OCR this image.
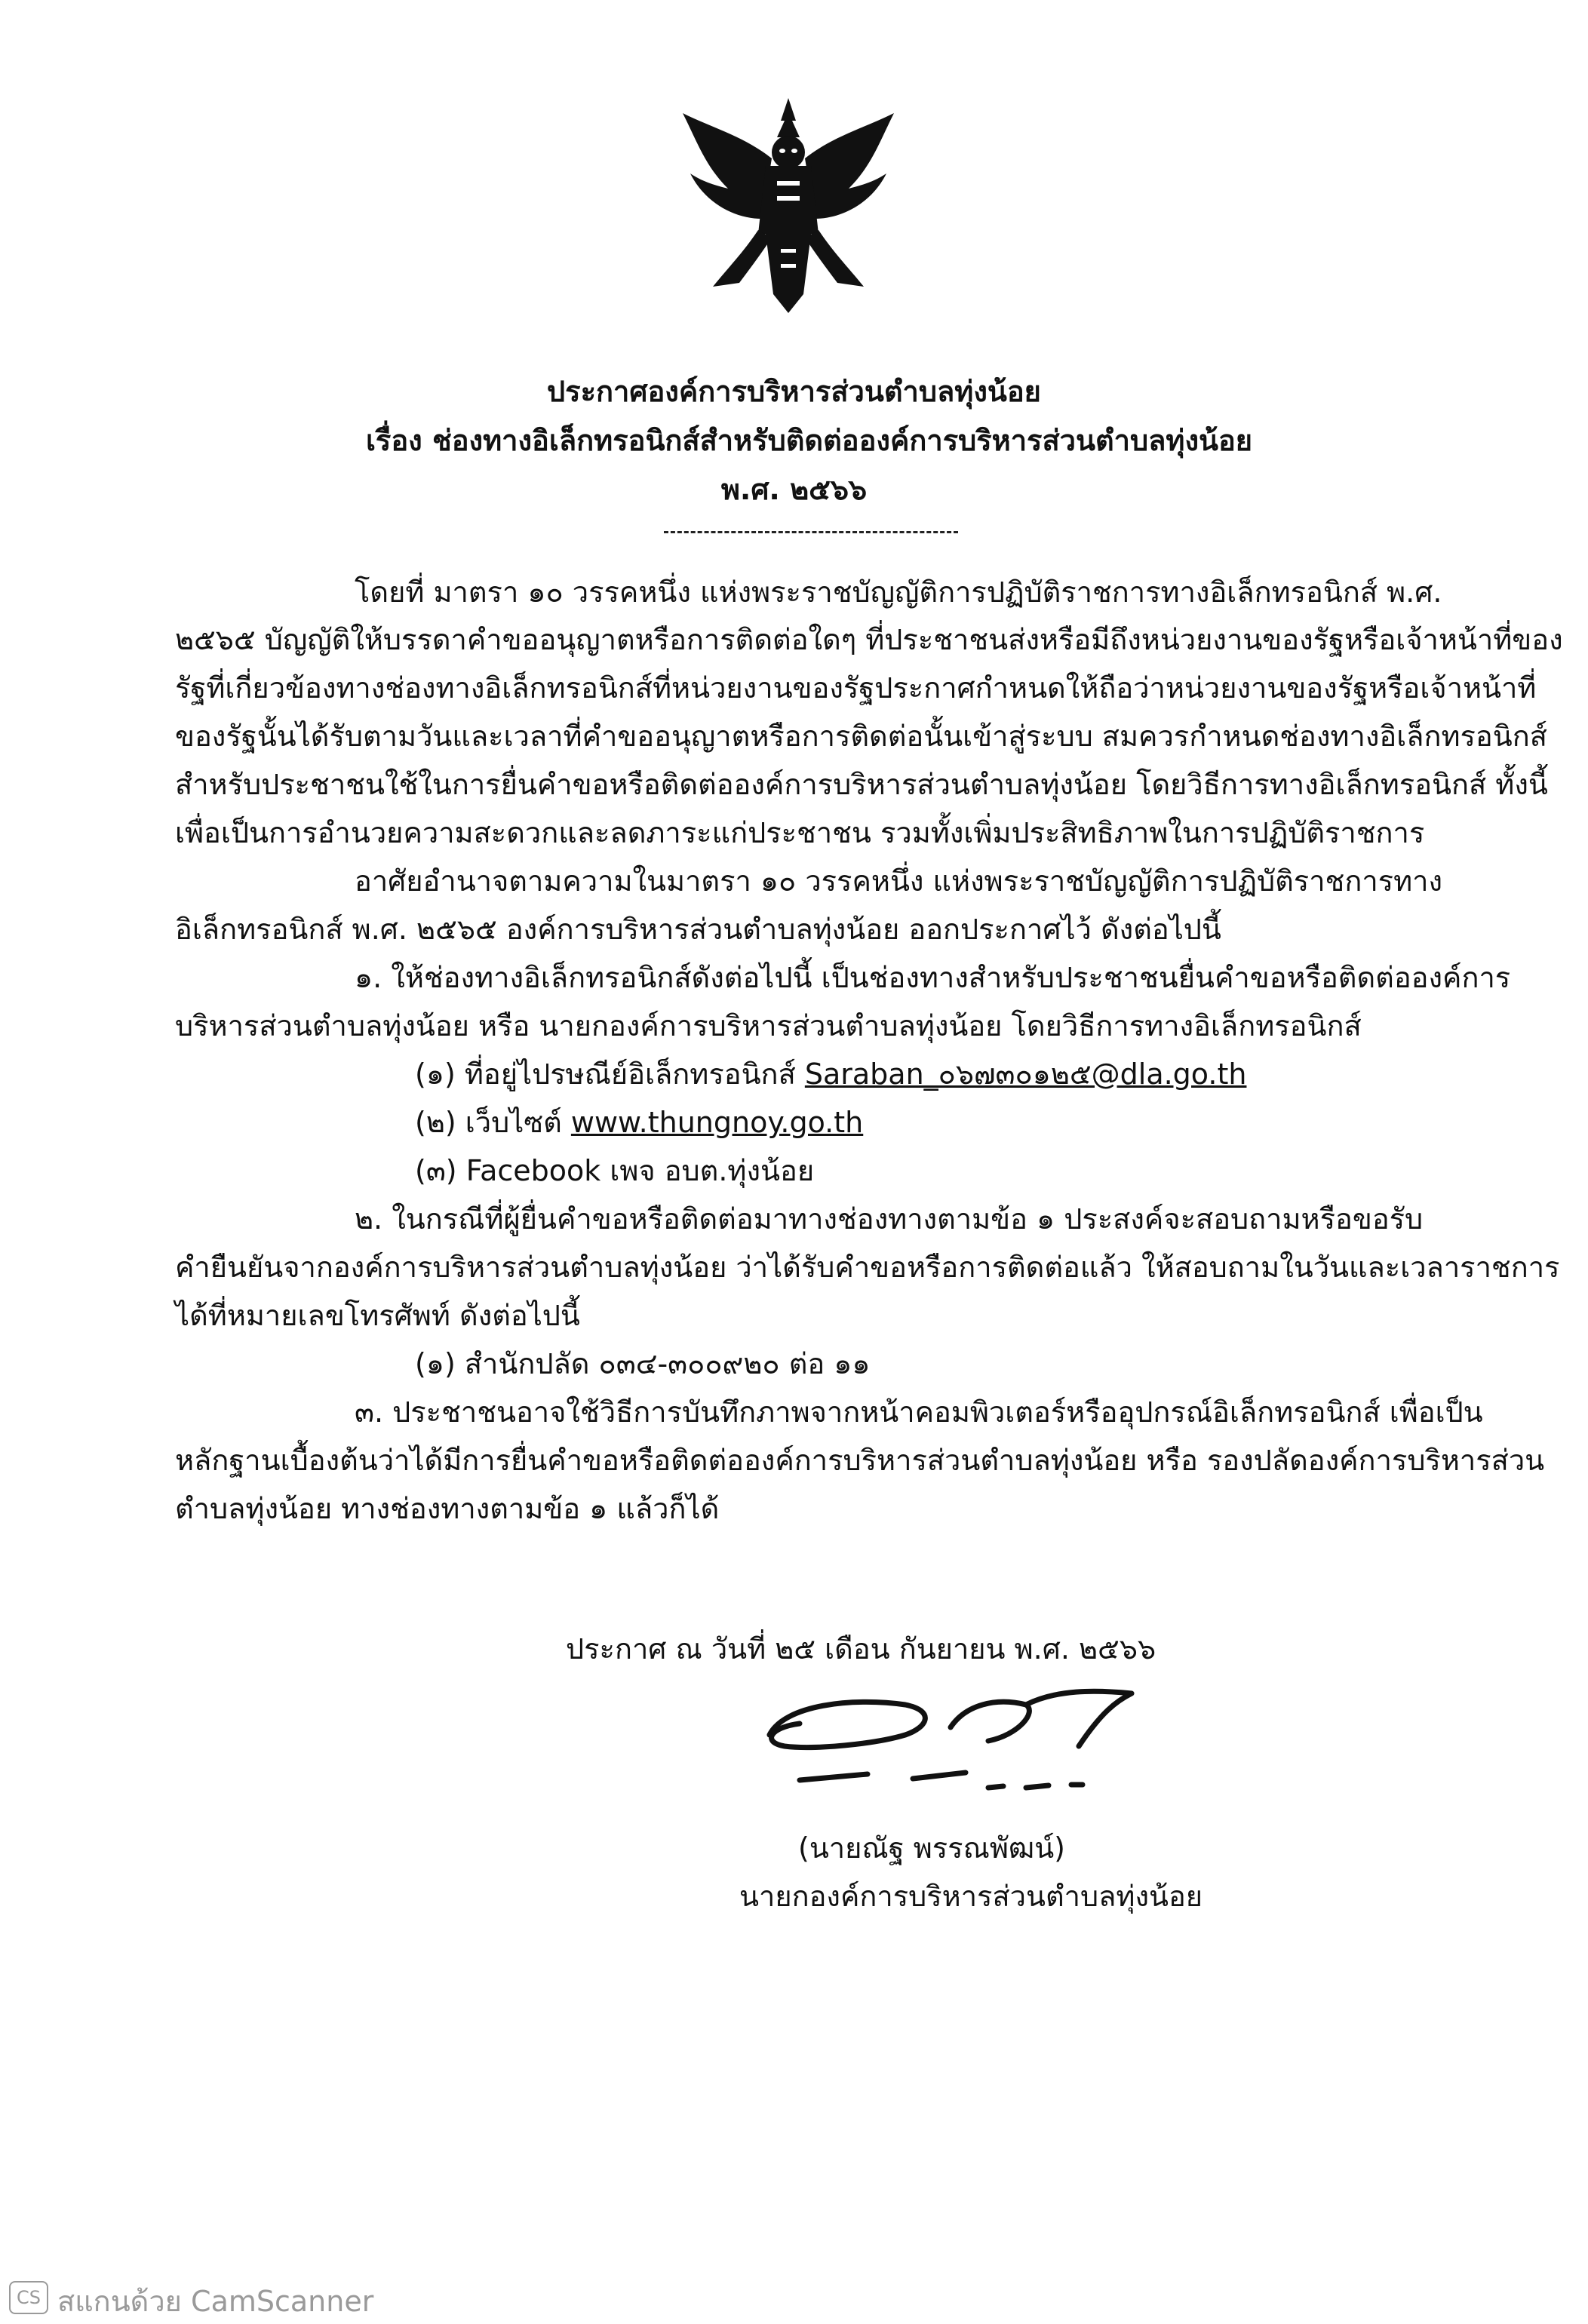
ประกาศองค์การบริหารส่วนตำบลทุ่งน้อย
เรื่อง ช่องทางอิเล็กทรอนิกส์สำหรับติดต่อองค์การบริหารส่วนตำบลทุ่งน้อย
พ.ศ. ๒๕๖๖
โดยที่ มาตรา ๑๐ วรรคหนึ่ง แห่งพระราชบัญญัติการปฏิบัติราชการทางอิเล็กทรอนิกส์ พ.ศ.
๒๕๖๕ บัญญัติให้บรรดาคำขออนุญาตหรือการติดต่อใดๆ ที่ประชาชนส่งหรือมีถึงหน่วยงานของรัฐหรือเจ้าหน้าที่ของ
รัฐที่เกี่ยวข้องทางช่องทางอิเล็กทรอนิกส์ที่หน่วยงานของรัฐประกาศกำหนดให้ถือว่าหน่วยงานของรัฐหรือเจ้าหน้าที่
ของรัฐนั้นได้รับตามวันและเวลาที่คำขออนุญาตหรือการติดต่อนั้นเข้าสู่ระบบ สมควรกำหนดช่องทางอิเล็กทรอนิกส์
สำหรับประชาชนใช้ในการยื่นคำขอหรือติดต่อองค์การบริหารส่วนตำบลทุ่งน้อย โดยวิธีการทางอิเล็กทรอนิกส์ ทั้งนี้
เพื่อเป็นการอำนวยความสะดวกและลดภาระแก่ประชาชน รวมทั้งเพิ่มประสิทธิภาพในการปฏิบัติราชการ
อาศัยอำนาจตามความในมาตรา ๑๐ วรรคหนึ่ง แห่งพระราชบัญญัติการปฏิบัติราชการทาง
อิเล็กทรอนิกส์ พ.ศ. ๒๕๖๕ องค์การบริหารส่วนตำบลทุ่งน้อย ออกประกาศไว้ ดังต่อไปนี้
๑. ให้ช่องทางอิเล็กทรอนิกส์ดังต่อไปนี้ เป็นช่องทางสำหรับประชาชนยื่นคำขอหรือติดต่อองค์การ
บริหารส่วนตำบลทุ่งน้อย หรือ นายกองค์การบริหารส่วนตำบลทุ่งน้อย โดยวิธีการทางอิเล็กทรอนิกส์
(๑) ที่อยู่ไปรษณีย์อิเล็กทรอนิกส์ Saraban_๐๖๗๓๐๑๒๕@dla.go.th
(๒) เว็บไซต์ www.thungnoy.go.th
(๓) Facebook เพจ อบต.ทุ่งน้อย
๒. ในกรณีที่ผู้ยื่นคำขอหรือติดต่อมาทางช่องทางตามข้อ ๑ ประสงค์จะสอบถามหรือขอรับ
คำยืนยันจากองค์การบริหารส่วนตำบลทุ่งน้อย ว่าได้รับคำขอหรือการติดต่อแล้ว ให้สอบถามในวันและเวลาราชการ
ได้ที่หมายเลขโทรศัพท์ ดังต่อไปนี้
(๑) สำนักปลัด ๐๓๔-๓๐๐๙๒๐ ต่อ ๑๑
๓. ประชาชนอาจใช้วิธีการบันทึกภาพจากหน้าคอมพิวเตอร์หรืออุปกรณ์อิเล็กทรอนิกส์ เพื่อเป็น
หลักฐานเบื้องต้นว่าได้มีการยื่นคำขอหรือติดต่อองค์การบริหารส่วนตำบลทุ่งน้อย หรือ รองปลัดองค์การบริหารส่วน
ตำบลทุ่งน้อย ทางช่องทางตามข้อ ๑ แล้วก็ได้
ประกาศ ณ วันที่ ๒๕ เดือน กันยายน พ.ศ. ๒๕๖๖
(นายณัฐ พรรณพัฒน์)
นายกองค์การบริหารส่วนตำบลทุ่งน้อย
CS สแกนด้วย CamScanner
